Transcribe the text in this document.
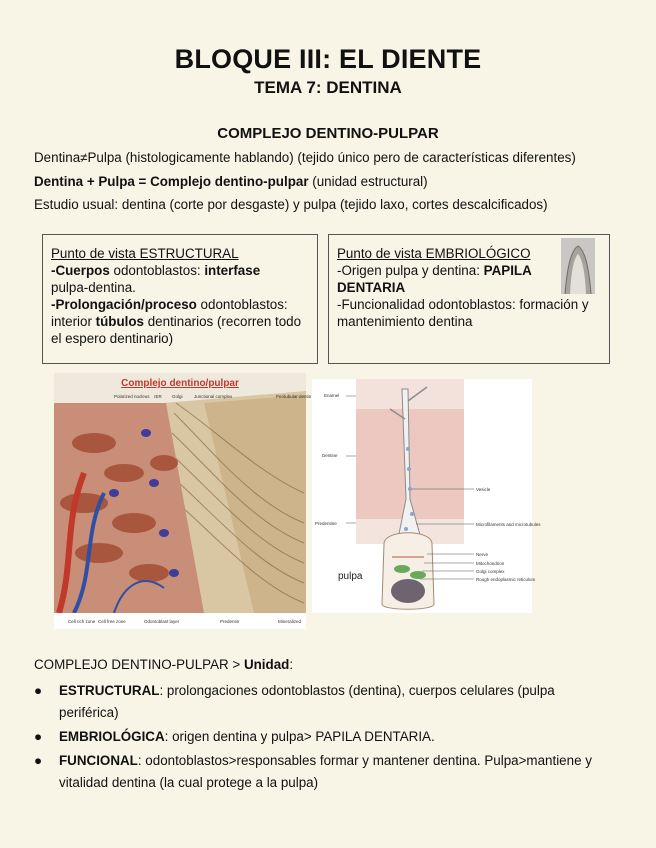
BLOQUE III: EL DIENTE
TEMA 7: DENTINA
COMPLEJO DENTINO-PULPAR
Dentina≠Pulpa (histologicamente hablando) (tejido único pero de características diferentes)
Dentina + Pulpa = Complejo dentino-pulpar (unidad estructural)
Estudio usual: dentina (corte por desgaste) y pulpa (tejido laxo, cortes descalcificados)
Punto de vista ESTRUCTURAL
-Cuerpos odontoblastos: interfase
pulpa-dentina.
-Prolongación/proceso odontoblastos: interior túbulos dentinarios (recorren todo el espero dentinario)
Punto de vista EMBRIOLÓGICO
-Origen pulpa y dentina: PAPILA DENTARIA
-Funcionalidad odontoblastos: formación y mantenimiento dentina
Complejo dentino/pulpar
Polarized nucleus rER Golgi	Junctional complex	Peritubular dentin
Cell rich zone Cell free zone	Odontoblast layer	Predentin	Mineralized
Enamel
Dentine
Predentine
Vesicle
Microfilaments and microtubules
Nerve
Mitochondrion
Golgi complex
Rough endoplasmic reticulum
pulpa
COMPLEJO DENTINO-PULPAR > Unidad:
● ESTRUCTURAL: prolongaciones odontoblastos (dentina), cuerpos celulares (pulpa periférica)
● EMBRIOLÓGICA: origen dentina y pulpa> PAPILA DENTARIA.
● FUNCIONAL: odontoblastos>responsables formar y mantener dentina. Pulpa>mantiene y vitalidad dentina (la cual protege a la pulpa)
